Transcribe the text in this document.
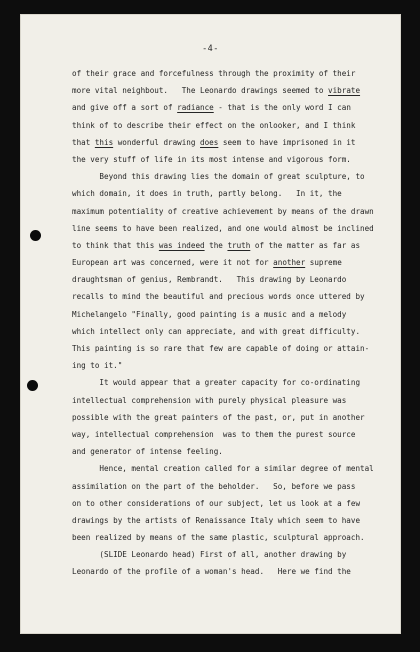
-4-
of their grace and forcefulness through the proximity of their
more vital neighbout.   The Leonardo drawings seemed to vibrate
and give off a sort of radiance - that is the only word I can
think of to describe their effect on the onlooker, and I think
that this wonderful drawing does seem to have imprisoned in it
the very stuff of life in its most intense and vigorous form.
Beyond this drawing lies the domain of great sculpture, to
which domain, it does in truth, partly belong.   In it, the
maximum potentiality of creative achievement by means of the drawn
line seems to have been realized, and one would almost be inclined
to think that this was indeed the truth of the matter as far as
European art was concerned, were it not for another supreme
draughtsman of genius, Rembrandt.   This drawing by Leonardo
recalls to mind the beautiful and precious words once uttered by
Michelangelo "Finally, good painting is a music and a melody
which intellect only can appreciate, and with great difficulty.
This painting is so rare that few are capable of doing or attain-
ing to it."
It would appear that a greater capacity for co-ordinating
intellectual comprehension with purely physical pleasure was
possible with the great painters of the past, or, put in another
way, intellectual comprehension  was to them the purest source
and generator of intense feeling.
Hence, mental creation called for a similar degree of mental
assimilation on the part of the beholder.   So, before we pass
on to other considerations of our subject, let us look at a few
drawings by the artists of Renaissance Italy which seem to have
been realized by means of the same plastic, sculptural approach.
(SLIDE Leonardo head) First of all, another drawing by
Leonardo of the profile of a woman's head.   Here we find the
